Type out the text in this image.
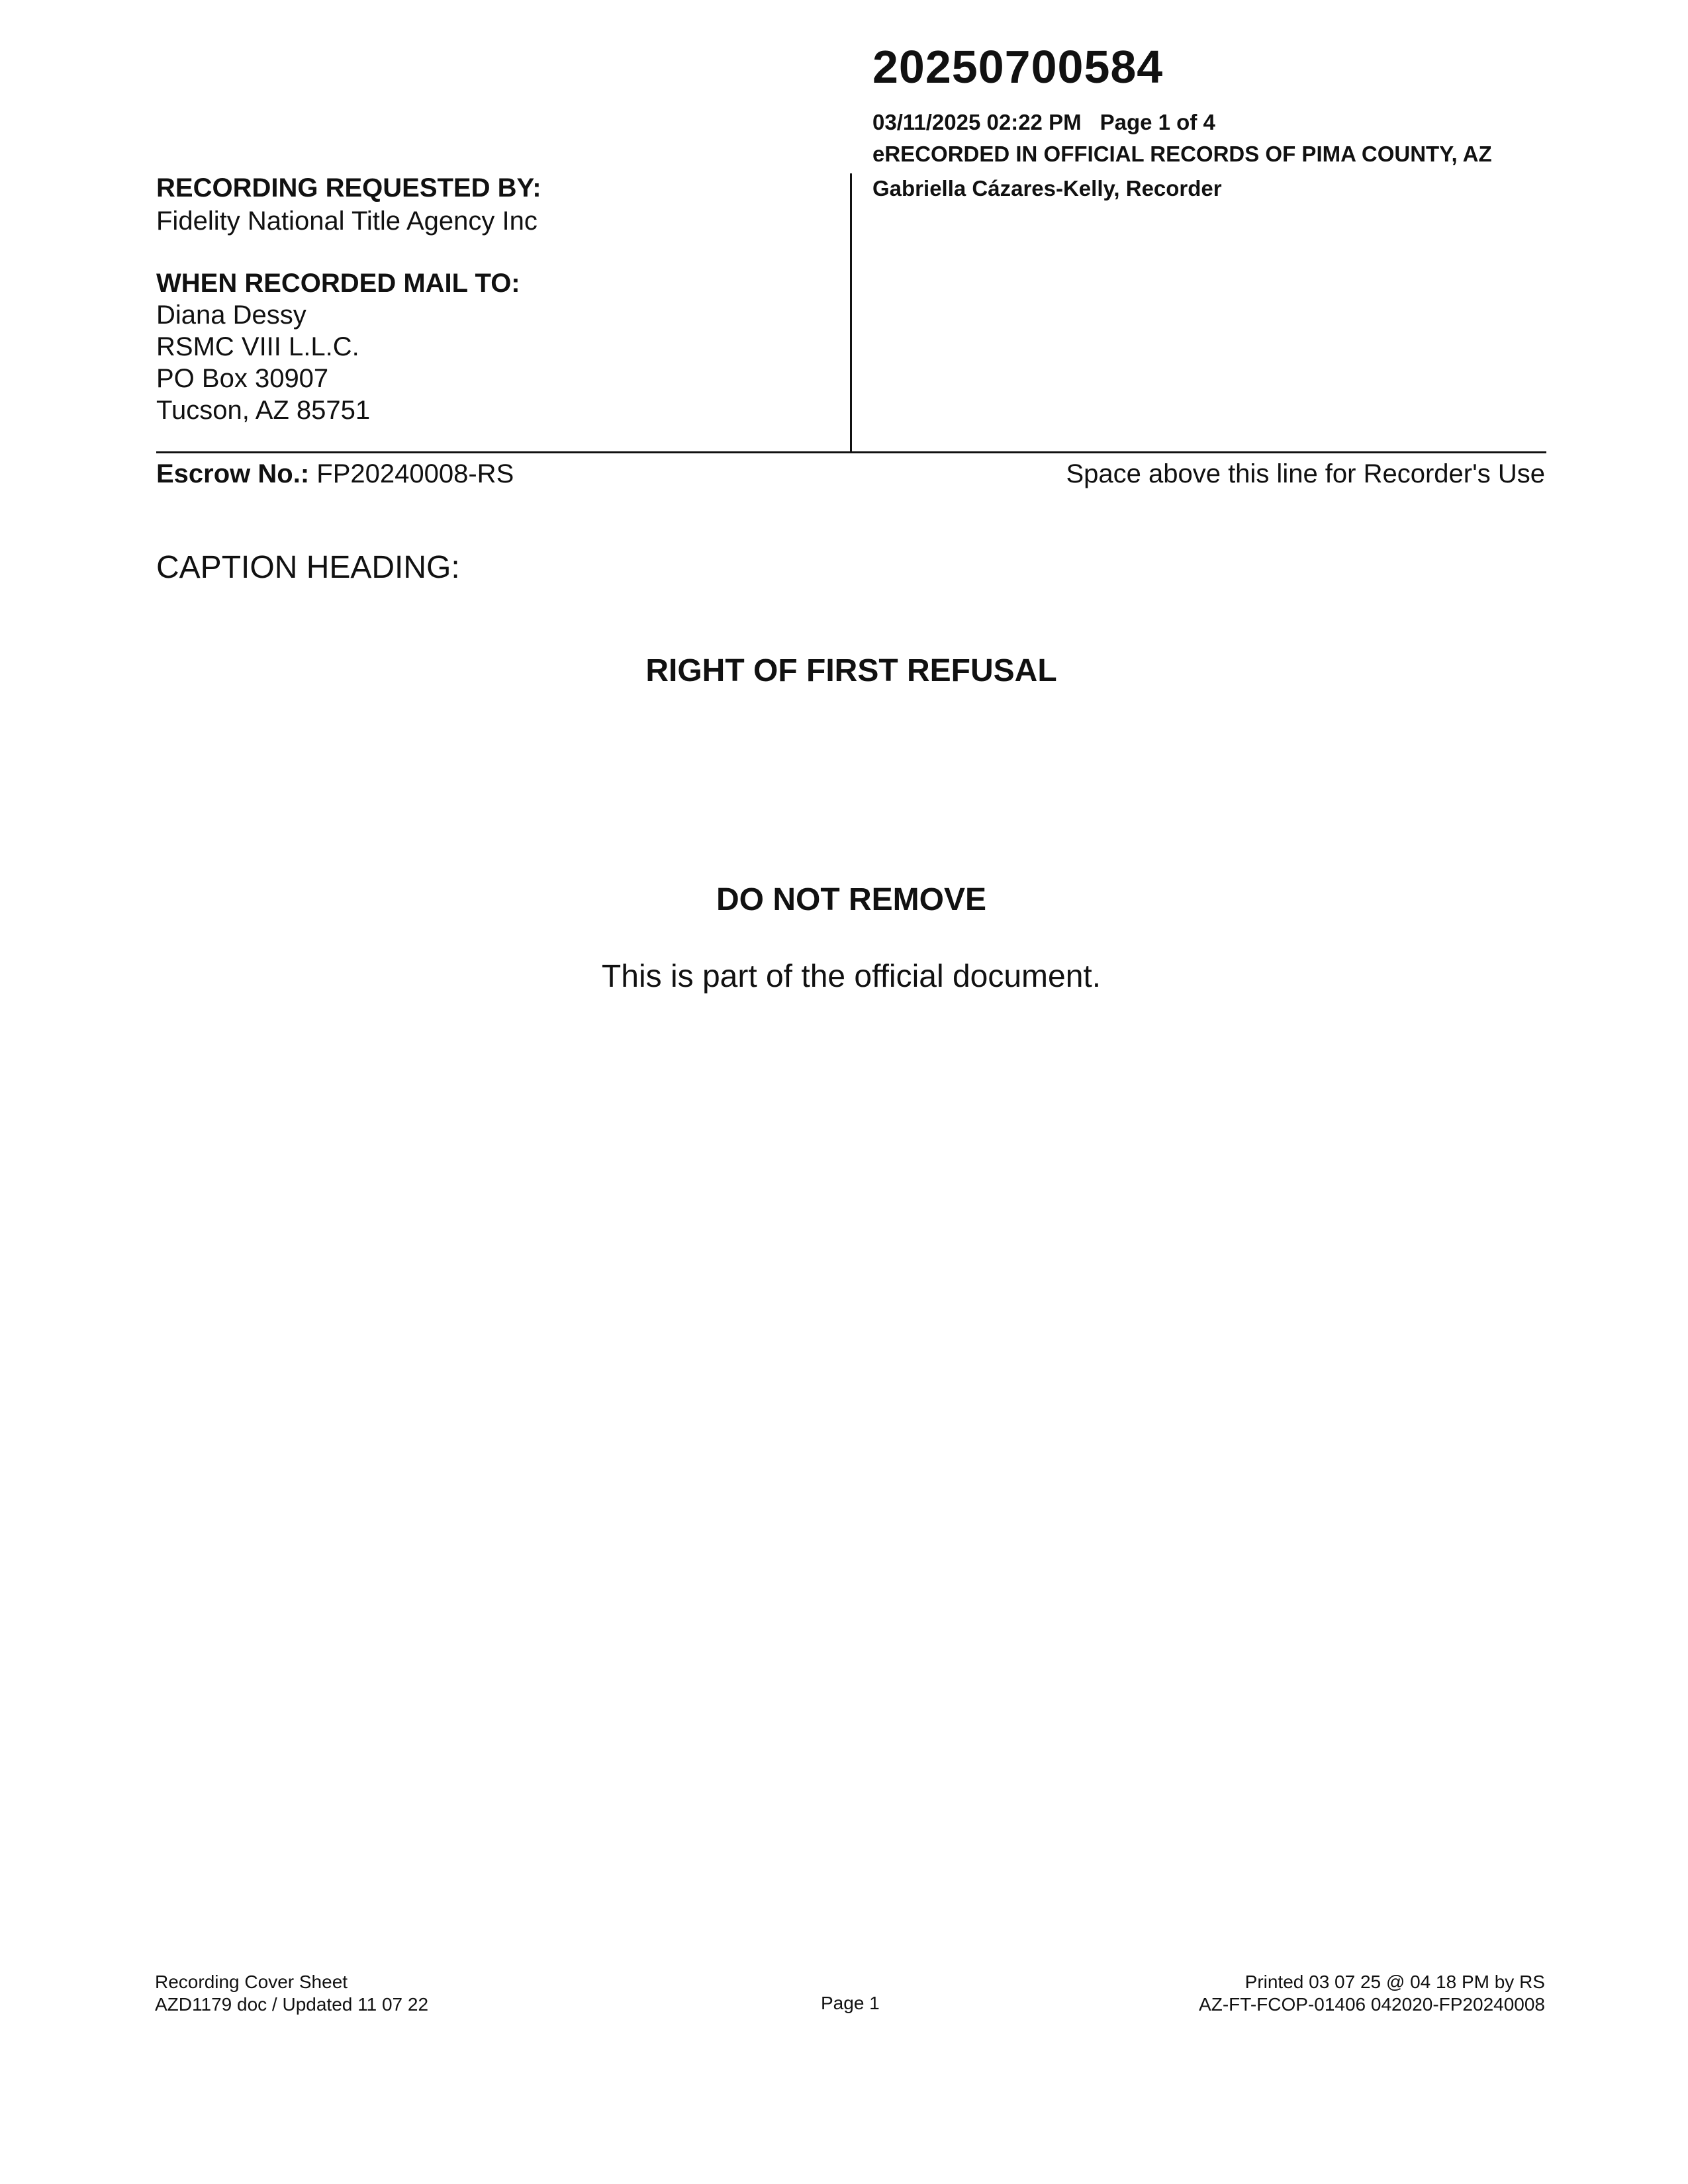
20250700584
03/11/2025 02:22 PM Page 1 of 4
eRECORDED IN OFFICIAL RECORDS OF PIMA COUNTY, AZ
Gabriella Cázares-Kelly, Recorder
RECORDING REQUESTED BY:
Fidelity National Title Agency Inc
WHEN RECORDED MAIL TO:
Diana Dessy
RSMC VIII L.L.C.
PO Box 30907
Tucson, AZ 85751
Escrow No.: FP20240008-RS	Space above this line for Recorder's Use
CAPTION HEADING:
RIGHT OF FIRST REFUSAL
DO NOT REMOVE
This is part of the official document.
Recording Cover Sheet
AZD1179 doc / Updated 11 07 22	Page 1
Printed 03 07 25 @ 04 18 PM by RS
AZ-FT-FCOP-01406 042020-FP20240008
